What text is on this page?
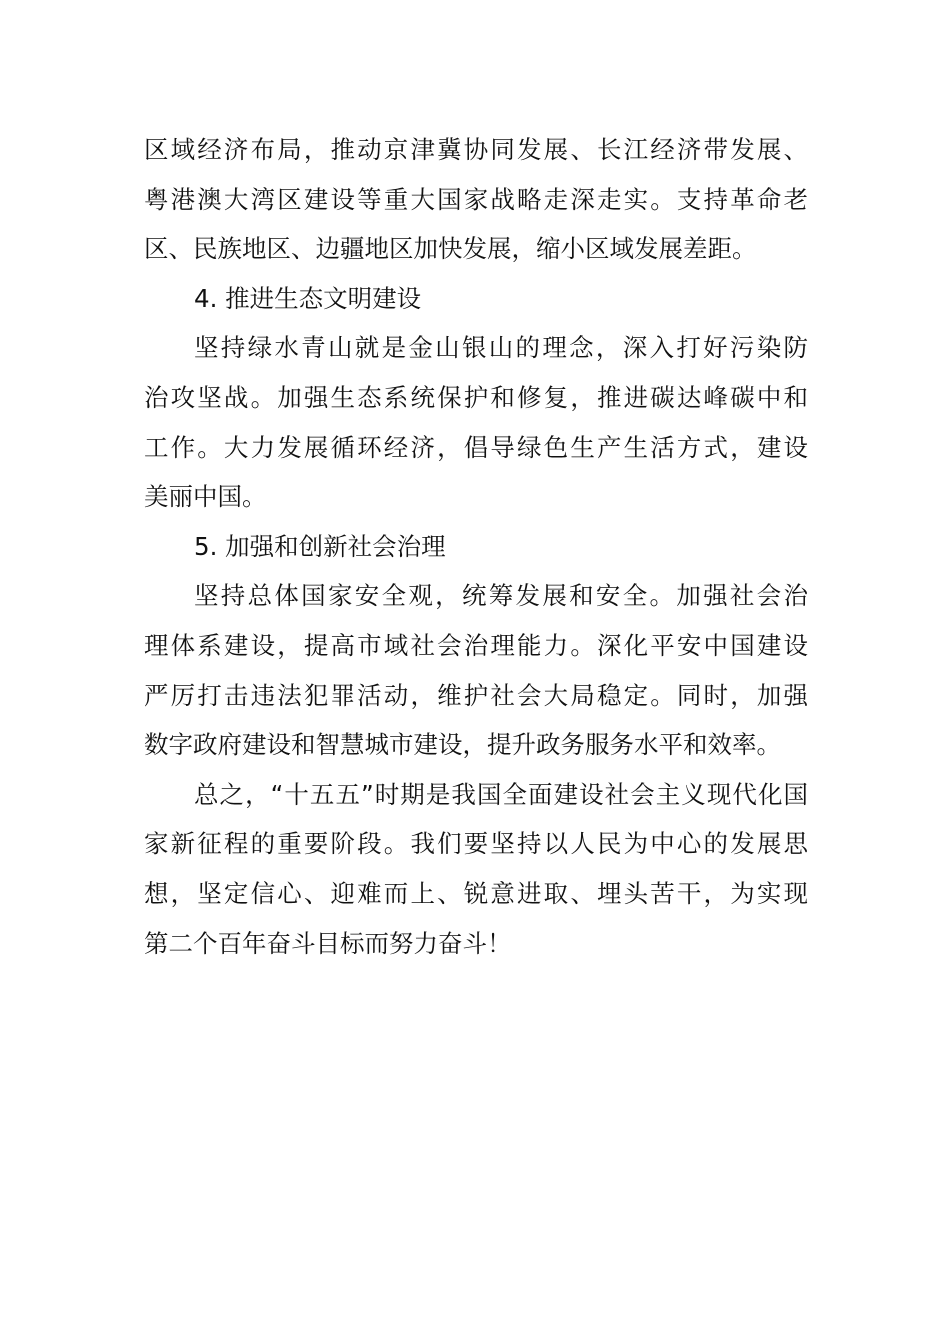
区域经济布局，推动京津冀协同发展、长江经济带发展、
粤港澳大湾区建设等重大国家战略走深走实。支持革命老
区、民族地区、边疆地区加快发展，缩小区域发展差距。
4. 推进生态文明建设
坚持绿水青山就是金山银山的理念，深入打好污染防
治攻坚战。加强生态系统保护和修复，推进碳达峰碳中和
工作。大力发展循环经济，倡导绿色生产生活方式，建设
美丽中国。
5. 加强和创新社会治理
坚持总体国家安全观，统筹发展和安全。加强社会治
理体系建设，提高市域社会治理能力。深化平安中国建设
严厉打击违法犯罪活动，维护社会大局稳定。同时，加强
数字政府建设和智慧城市建设，提升政务服务水平和效率。
总之，“十五五”时期是我国全面建设社会主义现代化国
家新征程的重要阶段。我们要坚持以人民为中心的发展思
想，坚定信心、迎难而上、锐意进取、埋头苦干，为实现
第二个百年奋斗目标而努力奋斗！
